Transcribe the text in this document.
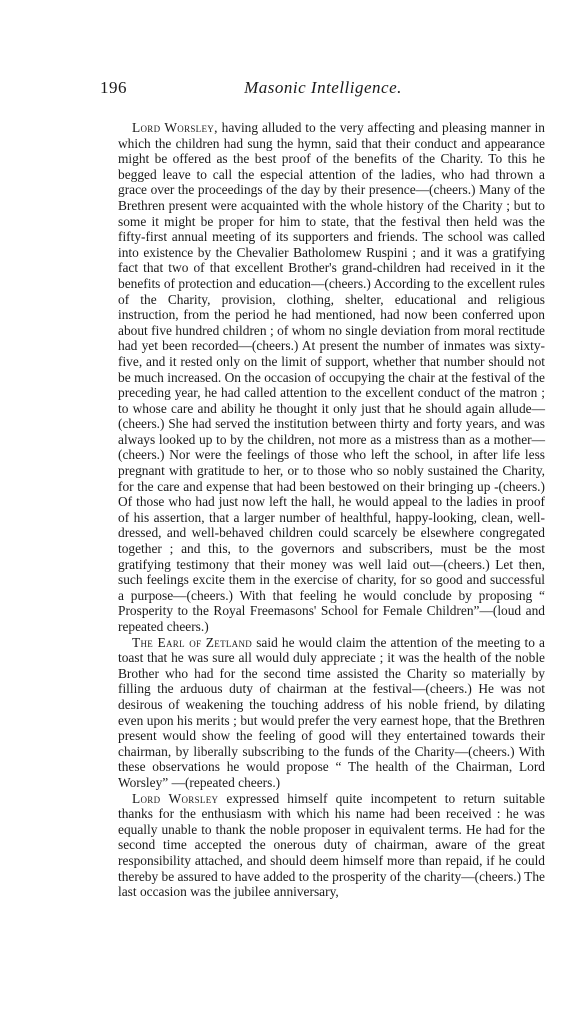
196	Masonic Intelligence.

Lord Worsley, having alluded to the very affecting and pleasing manner in which the children had sung the hymn, said that their conduct and appearance might be offered as the best proof of the benefits of the Charity. To this he begged leave to call the especial attention of the ladies, who had thrown a grace over the proceedings of the day by their presence—(cheers.) Many of the Brethren present were acquainted with the whole history of the Charity ; but to some it might be proper for him to state, that the festival then held was the fifty-first annual meeting of its supporters and friends. The school was called into existence by the Chevalier Batholomew Ruspini ; and it was a gratifying fact that two of that excellent Brother's grand-children had received in it the benefits of protection and education—(cheers.) According to the excellent rules of the Charity, provision, clothing, shelter, educational and religious instruction, from the period he had mentioned, had now been conferred upon about five hundred children ; of whom no single deviation from moral rectitude had yet been recorded—(cheers.) At present the number of inmates was sixty-five, and it rested only on the limit of support, whether that number should not be much increased. On the occasion of occupying the chair at the festival of the preceding year, he had called attention to the excellent conduct of the matron ; to whose care and ability he thought it only just that he should again allude—(cheers.) She had served the institution between thirty and forty years, and was always looked up to by the children, not more as a mistress than as a mother—(cheers.) Nor were the feelings of those who left the school, in after life less pregnant with gratitude to her, or to those who so nobly sustained the Charity, for the care and expense that had been bestowed on their bringing up -(cheers.) Of those who had just now left the hall, he would appeal to the ladies in proof of his assertion, that a larger number of healthful, happy-looking, clean, well-dressed, and well-behaved children could scarcely be elsewhere congregated together ; and this, to the governors and subscribers, must be the most gratifying testimony that their money was well laid out—(cheers.) Let then, such feelings excite them in the exercise of charity, for so good and successful a purpose—(cheers.) With that feeling he would conclude by proposing “ Prosperity to the Royal Freemasons' School for Female Children”—(loud and repeated cheers.)

The Earl of Zetland said he would claim the attention of the meeting to a toast that he was sure all would duly appreciate ; it was the health of the noble Brother who had for the second time assisted the Charity so materially by filling the arduous duty of chairman at the festival—(cheers.) He was not desirous of weakening the touching address of his noble friend, by dilating even upon his merits ; but would prefer the very earnest hope, that the Brethren present would show the feeling of good will they entertained towards their chairman, by liberally subscribing to the funds of the Charity—(cheers.) With these observations he would propose “ The health of the Chairman, Lord Worsley” —(repeated cheers.)

Lord Worsley expressed himself quite incompetent to return suitable thanks for the enthusiasm with which his name had been received : he was equally unable to thank the noble proposer in equivalent terms. He had for the second time accepted the onerous duty of chairman, aware of the great responsibility attached, and should deem himself more than repaid, if he could thereby be assured to have added to the prosperity of the charity—(cheers.) The last occasion was the jubilee anniversary,
